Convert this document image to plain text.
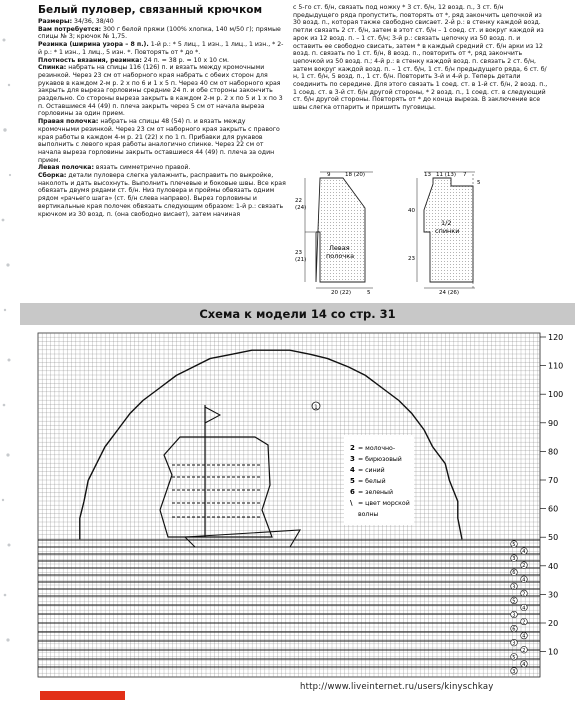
Белый пуловер, связанный крючком

Размеры: 34/36, 38/40

Вам потребуется: 300 г белой пряжи (100% хлопка, 140 м/50 г); прямые спицы № 3; крючок № 1,75.

Резинка (ширина узора – 8 п.). 1-й р.: * 5 лиц., 1 изн., 1 лиц., 1 изн., * 2-й р.: * 1 изн., 1 лиц., 5 изн. *. Повторять от * до *.

Плотность вязания, резинка: 24 п. = 38 р. = 10 х 10 см.

Спинка: набрать на спицы 116 (126) п. и вязать между кромочными резинкой. Через 23 см от наборного края набрать с обеих сторон для рукавов в каждом 2-м р. 2 х по 6 и 1 х 5 п. Через 40 см от наборного края закрыть для выреза горловины средние 24 п. и обе стороны закончить раздельно. Со стороны выреза закрыть в каждом 2-м р. 2 х по 5 и 1 х по 3 п. Оставшиеся 44 (49) п. плеча закрыть через 5 см от начала выреза горловины за один прием.

Правая полочка: набрать на спицы 48 (54) п. и вязать между кромочными резинкой. Через 23 см от наборного края закрыть с правого края работы в каждом 4-м р. 21 (22) х по 1 п. Прибавки для рукавов выполнить с левого края работы аналогично спинке. Через 22 см от начала выреза горловины закрыть оставшиеся 44 (49) п. плеча за один прием.

Левая полочка: вязать симметрично правой.

Сборка: детали пуловера слегка увлажнить, расправить по выкройке, наколоть и дать высохнуть. Выполнить плечевые и боковые швы. Все края обвязать двумя рядами ст. б/н. Низ пуловера и проймы обвязать одним рядом «рачьего шага» (ст. б/н слева направо). Вырез горловины и вертикальные края полочек обвязать следующим образом: 1-й р.: связать крючком из 30 возд. п. (она свободно висает), затем начиная

с 5-го ст. б/н, связать под ножку * 3 ст. б/н, 12 возд. п., 3 ст. б/н предыдущего ряда пропустить, повторять от *, ряд закончить цепочкой из 30 возд. п., которая также свободно свисает. 2-й р.: в стенку каждой возд. петли связать 2 ст. б/н, затем в этот ст. б/н – 1 соед. ст. и вокруг каждой из арок из 12 возд. п. – 1 ст. б/н; 3-й р.: связать цепочку из 50 возд. п. и оставить ее свободно свисать, затем * в каждый средний ст. б/н арки из 12 возд. п. связать по 1 ст. б/н, 8 возд. п., повторить от *, ряд закончить цепочкой из 50 возд. п.; 4-й р.: в стенку каждой возд. п. связать 2 ст. б/н, затем вокруг каждой возд. п. – 1 ст. б/н, 1 ст. б/н предыдущего ряда, 6 ст. б/н, 1 ст. б/н, 5 возд. п., 1 ст. б/н. Повторить 3-й и 4-й р. Теперь детали соединить по середине. Для этого связать 1 соед. ст. в 1-й ст. б/н, 2 возд. п., 1 соед. ст. в 3-й ст. б/н другой стороны, * 2 возд. п., 1 соед. ст. в следующий ст. б/н другой стороны. Повторять от * до конца выреза. В заключение все швы слегка отпарить и пришить пуговицы.

9	18 (20)
22
(24)
23
(21)
Левая
полочка
20 (22)	5
13 11 (13) 7
40
23
5
1/2
спинки
24 (26)
Схема к модели 14 со стр. 31
1
120
110
100
90
80
70
60
50
40
30
20
10
5
4
3
2
6
4
3
2
5
4
3
2
6
4
3
2
5
4
3
2 = молочно-
3 = бирюзовый
4 = синий
5 = белый
6 = зеленый
\ = цвет морской
волны
http://www.liveinternet.ru/users/kinyschkay
